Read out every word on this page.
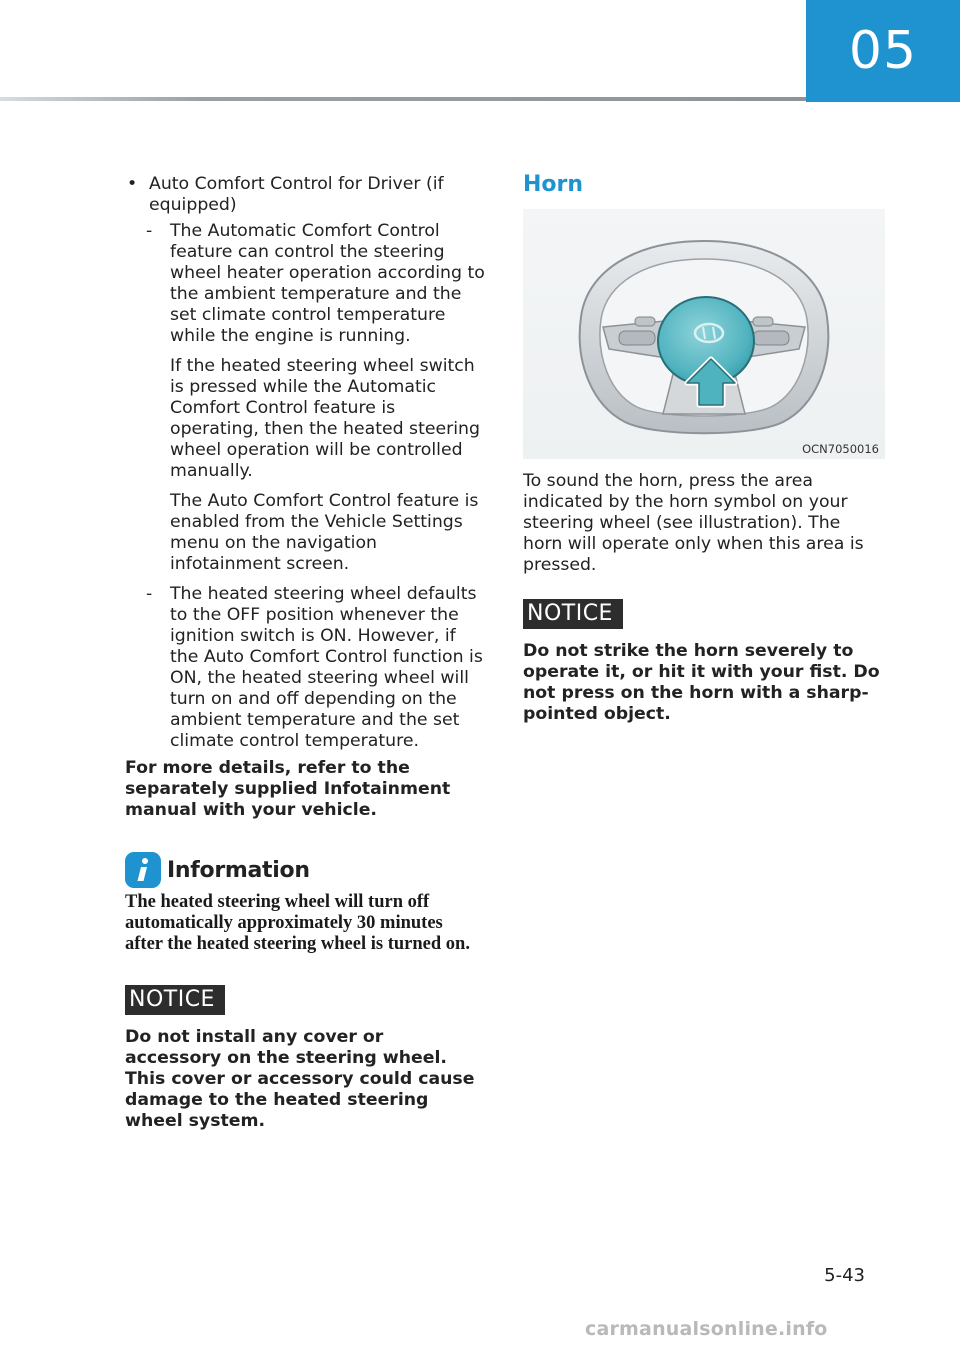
05
• Auto Comfort Control for Driver (if equipped)
- The Automatic Comfort Control feature can control the steering wheel heater operation according to the ambient temperature and the set climate control temperature while the engine is running.
If the heated steering wheel switch is pressed while the Automatic Comfort Control feature is operating, then the heated steering wheel operation will be controlled manually.
The Auto Comfort Control feature is enabled from the Vehicle Settings menu on the navigation infotainment screen.
- The heated steering wheel defaults to the OFF position whenever the ignition switch is ON. However, if the Auto Comfort Control function is ON, the heated steering wheel will turn on and off depending on the ambient temperature and the set climate control temperature.
For more details, refer to the separately supplied Infotainment manual with your vehicle.
Information
The heated steering wheel will turn off automatically approximately 30 minutes after the heated steering wheel is turned on.
NOTICE
Do not install any cover or accessory on the steering wheel. This cover or accessory could cause damage to the heated steering wheel system.
Horn
OCN7050016
To sound the horn, press the area indicated by the horn symbol on your steering wheel (see illustration). The horn will operate only when this area is pressed.
NOTICE
Do not strike the horn severely to operate it, or hit it with your fist. Do not press on the horn with a sharp-pointed object.
5-43
carmanualsonline.info
